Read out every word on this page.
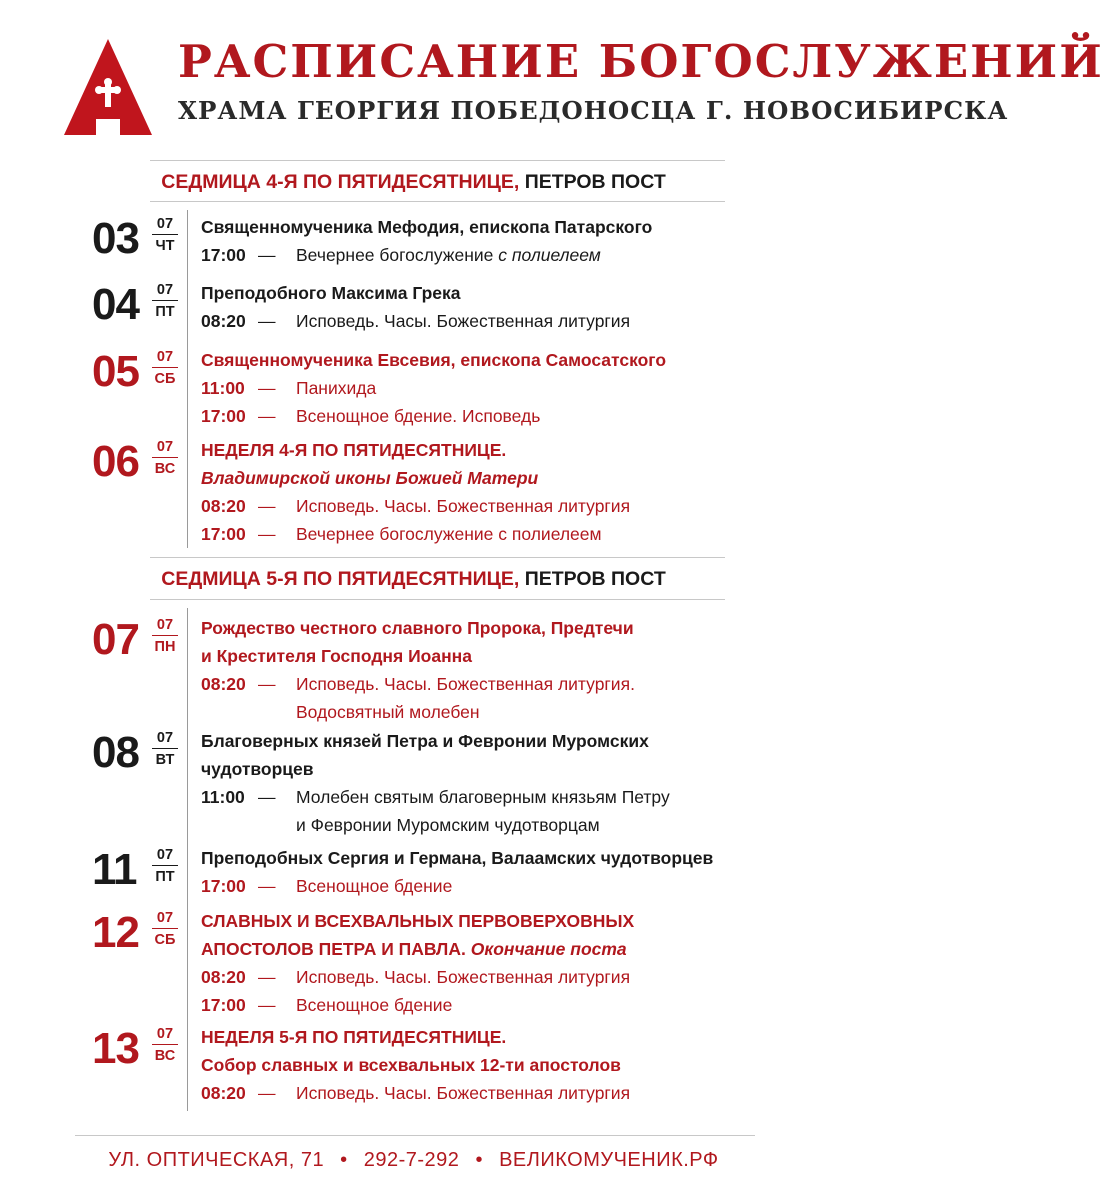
РАСПИСАНИЕ БОГОСЛУЖЕНИЙ
ХРАМА ГЕОРГИЯ ПОБЕДОНОСЦА Г. НОВОСИБИРСКА
СЕДМИЦА 4-Я ПО ПЯТИДЕСЯТНИЦЕ, ПЕТРОВ ПОСТ
03	07
ЧТ
Священномученика Мефодия, епископа Патарского
17:00 —	Вечернее богослужение с полиелеем
04	07
ПТ
Преподобного Максима Грека
08:20 —	Исповедь. Часы. Божественная литургия
05	07
СБ
Священномученика Евсевия, епископа Самосатского
11:00 —	Панихида
17:00 —	Всенощное бдение. Исповедь
06	07
ВС
НЕДЕЛЯ 4-Я ПО ПЯТИДЕСЯТНИЦЕ.
Владимирской иконы Божией Матери
08:20 —	Исповедь. Часы. Божественная литургия
17:00 —	Вечернее богослужение с полиелеем
СЕДМИЦА 5-Я ПО ПЯТИДЕСЯТНИЦЕ, ПЕТРОВ ПОСТ
07	07
ПН
Рождество честного славного Пророка, Предтечи
и Крестителя Господня Иоанна
08:20 —	Исповедь. Часы. Божественная литургия.
Водосвятный молебен
08	07
ВТ
Благоверных князей Петра и Февронии Муромских
чудотворцев
11:00 —	Молебен святым благоверным князьям Петру
и Февронии Муромским чудотворцам
11	07
ПТ
Преподобных Сергия и Германа, Валаамских чудотворцев
17:00 —	Всенощное бдение
12	07
СБ
СЛАВНЫХ И ВСЕХВАЛЬНЫХ ПЕРВОВЕРХОВНЫХ
АПОСТОЛОВ ПЕТРА И ПАВЛА. Окончание поста
08:20 —	Исповедь. Часы. Божественная литургия
17:00 —	Всенощное бдение
13	07
ВС
НЕДЕЛЯ 5-Я ПО ПЯТИДЕСЯТНИЦЕ.
Собор славных и всехвальных 12-ти апостолов
08:20 —	Исповедь. Часы. Божественная литургия
УЛ. ОПТИЧЕСКАЯ, 71 • 292-7-292 • ВЕЛИКОМУЧЕНИК.РФ
